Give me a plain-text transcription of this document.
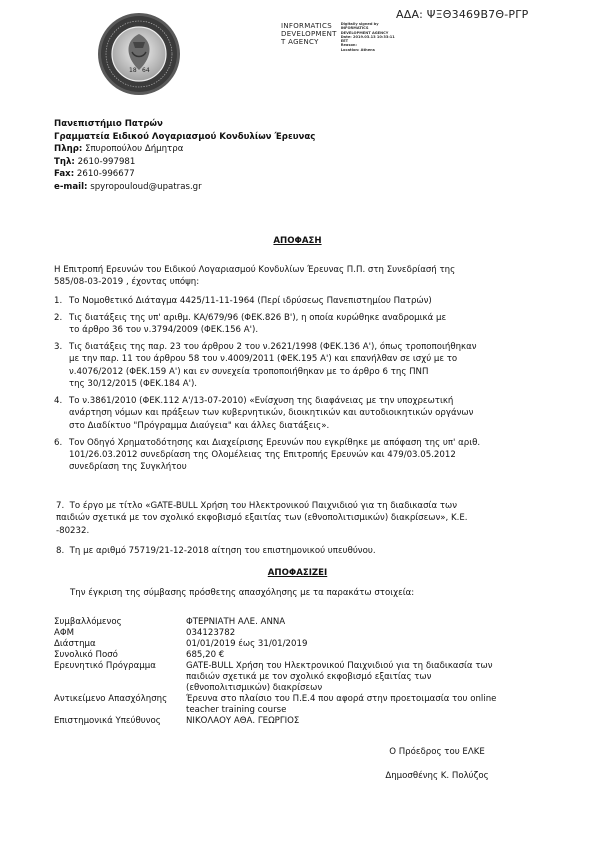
ΑΔΑ: ΨΞΘ3469Β7Θ-ΡΓΡ
18 64
INFORMATICS
DEVELOPMENT
T AGENCY
Digitally signed by
INFORMATICS
DEVELOPMENT AGENCY
Date: 2019.03.13 10:33:11
EET
Reason:
Location: Athens
Πανεπιστήμιο Πατρών
Γραμματεία Ειδικού Λογαριασμού Κονδυλίων Έρευνας
Πληρ: Σπυροπούλου Δήμητρα
Τηλ: 2610-997981
Fax: 2610-996677
e-mail: spyropouloud@upatras.gr
ΑΠΟΦΑΣΗ
Η Επιτροπή Ερευνών του Ειδικού Λογαριασμού Κονδυλίων Έρευνας Π.Π. στη Συνεδρίασή της
585/08-03-2019 , έχοντας υπόψη:
1. Το Νομοθετικό Διάταγμα 4425/11-11-1964 (Περί ιδρύσεως Πανεπιστημίου Πατρών)
2. Τις διατάξεις της υπ' αριθμ. ΚΑ/679/96 (ΦΕΚ.826 Β'), η οποία κυρώθηκε αναδρομικά με
το άρθρο 36 του ν.3794/2009 (ΦΕΚ.156 Α').
3. Τις διατάξεις της παρ. 23 του άρθρου 2 του ν.2621/1998 (ΦΕΚ.136 Α'), όπως τροποποιήθηκαν
με την παρ. 11 του άρθρου 58 του ν.4009/2011 (ΦΕΚ.195 Α') και επανήλθαν σε ισχύ με το
ν.4076/2012 (ΦΕΚ.159 Α') και εν συνεχεία τροποποιήθηκαν με το άρθρο 6 της ΠΝΠ
της 30/12/2015 (ΦΕΚ.184 Α').
4. Το ν.3861/2010 (ΦΕΚ.112 Α'/13-07-2010) «Ενίσχυση της διαφάνειας με την υποχρεωτική
ανάρτηση νόμων και πράξεων των κυβερνητικών, διοικητικών και αυτοδιοικητικών οργάνων
στο Διαδίκτυο "Πρόγραμμα Διαύγεια" και άλλες διατάξεις».
6. Τον Οδηγό Χρηματοδότησης και Διαχείρισης Ερευνών που εγκρίθηκε με απόφαση της υπ' αριθ.
101/26.03.2012 συνεδρίαση της Ολομέλειας της Επιτροπής Ερευνών και 479/03.05.2012
συνεδρίαση της Συγκλήτου
7. Το έργο με τίτλο «GATE-BULL Χρήση του Ηλεκτρονικού Παιχνιδιού για τη διαδικασία των
παιδιών σχετικά με τον σχολικό εκφοβισμό εξαιτίας των (εθνοπολιτισμικών) διακρίσεων», Κ.Ε.
-80232.
8. Τη με αριθμό 75719/21-12-2018 αίτηση του επιστημονικού υπευθύνου.
ΑΠΟΦΑΣΙΖΕΙ
Την έγκριση της σύμβασης πρόσθετης απασχόλησης με τα παρακάτω στοιχεία:
Συμβαλλόμενος	ΦΤΕΡΝΙΑΤΗ ΑΛΕ. ΑΝΝΑ

ΑΦΜ	034123782

Διάστημα	01/01/2019 έως 31/01/2019

Συνολικό Ποσό	685,20 €

Ερευνητικό Πρόγραμμα	GATE-BULL Χρήση του Ηλεκτρονικού Παιχνιδιού για τη διαδικασία των
παιδιών σχετικά με τον σχολικό εκφοβισμό εξαιτίας των
(εθνοπολιτισμικών) διακρίσεων

Αντικείμενο Απασχόλησης	Έρευνα στο πλαίσιο του Π.Ε.4 που αφορά στην προετοιμασία του online
teacher training course

Επιστημονικά Υπεύθυνος	ΝΙΚΟΛΑΟΥ ΑΘΑ. ΓΕΩΡΓΙΟΣ
Ο Πρόεδρος του ΕΛΚΕ
Δημοσθένης Κ. Πολύζος
